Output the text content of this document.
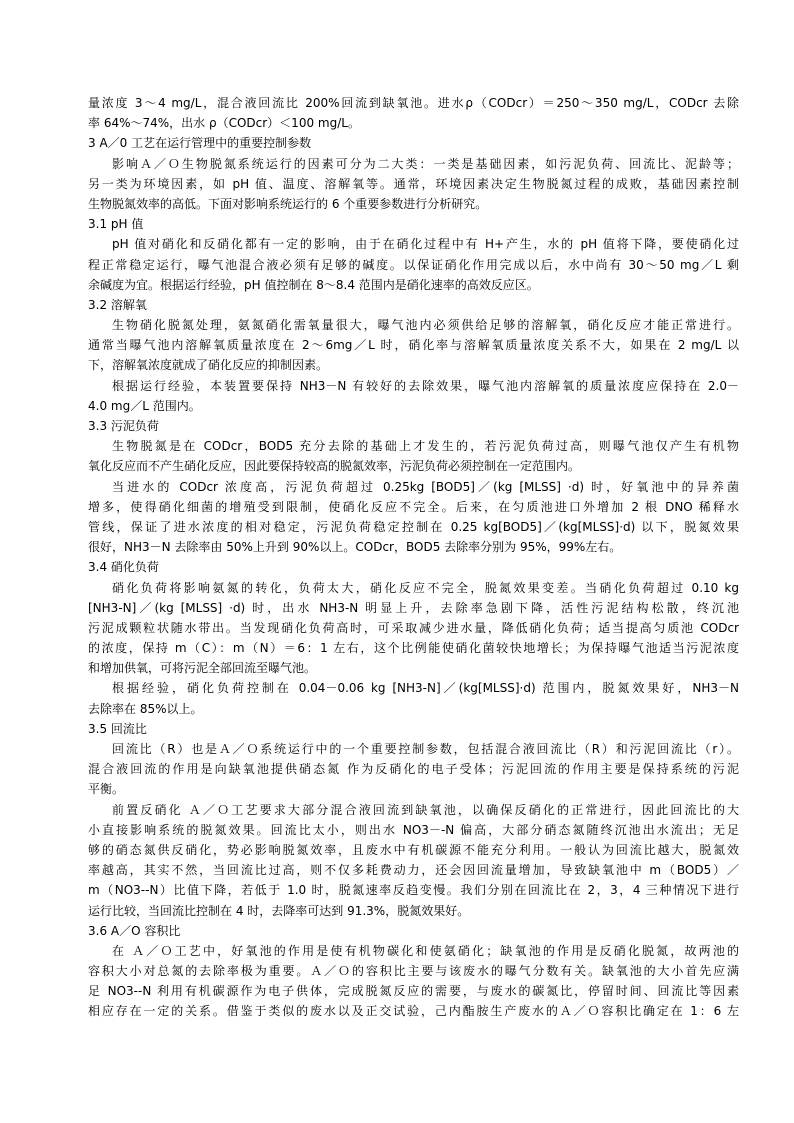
量浓度 3～4 mg/L，混合液回流比 200%回流到缺氧池。进水ρ（CODcr）＝250～350 mg/L，CODcr 去除
率 64%～74%，出水 ρ（CODcr）＜100 mg/L。
3 A／0 工艺在运行管理中的重要控制参数
影响Ａ／Ｏ生物脱氮系统运行的因素可分为二大类：一类是基础因素，如污泥负荷、回流比、泥龄等；
另一类为环境因素，如 pH 值、温度、溶解氧等。通常，环境因素决定生物脱氮过程的成败，基础因素控制
生物脱氮效率的高低。下面对影响系统运行的 6 个重要参数进行分析研究。
3.1 pH 值
pH 值对硝化和反硝化都有一定的影响，由于在硝化过程中有 H+产生，水的 pH 值将下降，要使硝化过
程正常稳定运行，曝气池混合液必须有足够的碱度。以保证硝化作用完成以后，水中尚有 30～50 mg／L 剩
余碱度为宜。根据运行经验，pH 值控制在 8～8.4 范围内是硝化速率的高效反应区。
3.2 溶解氧
生物硝化脱氮处理，氨氮硝化需氧量很大，曝气池内必须供给足够的溶解氧，硝化反应才能正常进行。
通常当曝气池内溶解氧质量浓度在 2～6mg／L 时，硝化率与溶解氧质量浓度关系不大，如果在 2 mg/L 以
下，溶解氧浓度就成了硝化反应的抑制因素。
根据运行经验，本装置要保持 NH3－N 有较好的去除效果，曝气池内溶解氧的质量浓度应保持在 2.0－
4.0 mg／L 范围内。
3.3 污泥负荷
生物脱氮是在 CODcr，BOD5 充分去除的基础上才发生的，若污泥负荷过高，则曝气池仅产生有机物
氧化反应而不产生硝化反应，因此要保持较高的脱氮效率，污泥负荷必须控制在一定范围内。
当进水的 CODcr 浓度高，污泥负荷超过 0.25kg [BOD5]／(kg [MLSS] ·d) 时，好氧池中的异养菌
增多，使得硝化细菌的增殖受到限制，使硝化反应不完全。后来，在匀质池进口外增加 2 根 DNO 稀释水
管线，保证了进水浓度的相对稳定，污泥负荷稳定控制在 0.25 kg[BOD5]／(kg[MLSS]·d) 以下，脱氮效果
很好，NH3－N 去除率由 50%上升到 90%以上。CODcr，BOD5 去除率分别为 95%，99%左右。
3.4 硝化负荷
硝化负荷将影响氨氮的转化，负荷太大，硝化反应不完全，脱氮效果变差。当硝化负荷超过 0.10 kg
[NH3-N]／(kg [MLSS] ·d) 时，出水 NH3-N 明显上升，去除率急剧下降，活性污泥结构松散，终沉池
污泥成颗粒状随水带出。当发现硝化负荷高时，可采取减少进水量，降低硝化负荷；适当提高匀质池 CODcr
的浓度，保持 m（C）：m（N）＝6：1 左右，这个比例能使硝化菌较快地增长；为保持曝气池适当污泥浓度
和增加供氧，可将污泥全部回流至曝气池。
根据经验，硝化负荷控制在 0.04－0.06 kg [NH3-N]／(kg[MLSS]·d) 范围内，脱氮效果好，NH3－N
去除率在 85%以上。
3.5 回流比
回流比（R）也是Ａ／Ｏ系统运行中的一个重要控制参数，包括混合液回流比（R）和污泥回流比（r）。
混合液回流的作用是向缺氧池提供硝态氮 作为反硝化的电子受体；污泥回流的作用主要是保持系统的污泥
平衡。
前置反硝化 Ａ／Ｏ工艺要求大部分混合液回流到缺氧池，以确保反硝化的正常进行，因此回流比的大
小直接影响系统的脱氮效果。回流比太小，则出水 NO3－-N 偏高，大部分硝态氮随终沉池出水流出；无足
够的硝态氮供反硝化，势必影响脱氮效率，且废水中有机碳源不能充分利用。一般认为回流比越大，脱氮效
率越高，其实不然，当回流比过高，则不仅多耗费动力，还会因回流量增加，导致缺氧池中 m（BOD5）／
m（NO3--N）比值下降，若低于 1.0 时，脱氮速率反趋变慢。我们分别在回流比在 2，3，4 三种情况下进行
运行比较，当回流比控制在 4 时，去降率可达到 91.3%，脱氮效果好。
3.6 A／O 容积比
在 Ａ／Ｏ工艺中，好氧池的作用是使有机物碳化和使氨硝化；缺氧池的作用是反硝化脱氮，故两池的
容积大小对总氮的去除率极为重要。Ａ／Ｏ的容积比主要与该废水的曝气分数有关。缺氧池的大小首先应满
足 NO3--N 利用有机碳源作为电子供体，完成脱氮反应的需要，与废水的碳氮比，停留时间、回流比等因素
相应存在一定的关系。借鉴于类似的废水以及正交试验，己内酯胺生产废水的Ａ／Ｏ容积比确定在 1：6 左
